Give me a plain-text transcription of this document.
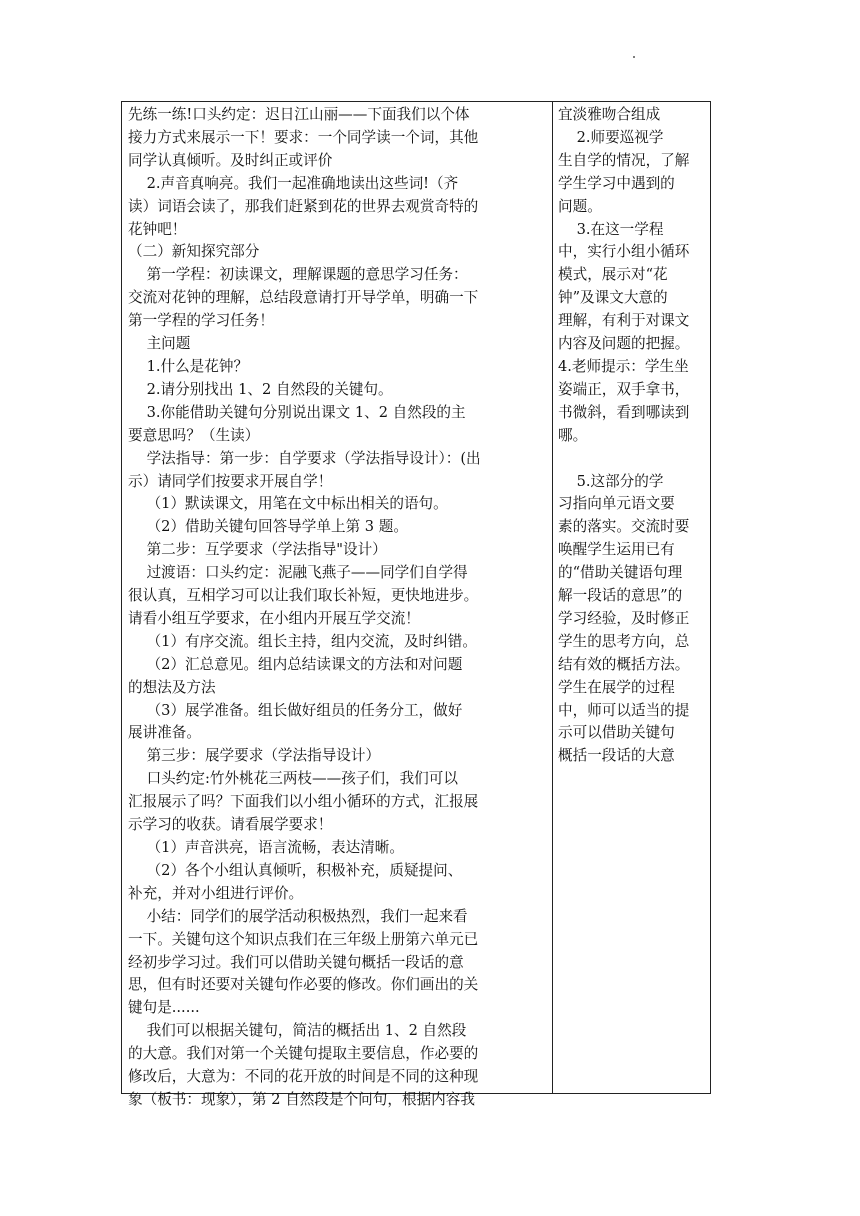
先练一练!口头约定：迟日江山丽——下面我们以个体
接力方式来展示一下！要求：一个同学读一个词，其他
同学认真倾听。及时纠正或评价
2.声音真响亮。我们一起准确地读出这些词!（齐
读）词语会读了，那我们赶紧到花的世界去观赏奇特的
花钟吧！
（二）新知探究部分
第一学程：初读课文，理解课题的意思学习任务：
交流对花钟的理解，总结段意请打开导学单，明确一下
第一学程的学习任务！
主问题
1.什么是花钟？
2.请分别找出 1、2 自然段的关键句。
3.你能借助关键句分别说出课文 1、2 自然段的主
要意思吗？（生读）
学法指导：第一步：自学要求（学法指导设计）：(出
示）请同学们按要求开展自学！
（1）默读课文，用笔在文中标出相关的语句。
（2）借助关键句回答导学单上第 3 题。
第二步：互学要求（学法指导"设计）
过渡语：口头约定：泥融飞燕子——同学们自学得
很认真，互相学习可以让我们取长补短，更快地进步。
请看小组互学要求，在小组内开展互学交流！
（1）有序交流。组长主持，组内交流，及时纠错。
（2）汇总意见。组内总结读课文的方法和对问题
的想法及方法
（3）展学准备。组长做好组员的任务分工，做好
展讲准备。
第三步：展学要求（学法指导设计）
口头约定:竹外桃花三两枝——孩子们，我们可以
汇报展示了吗？下面我们以小组小循环的方式，汇报展
示学习的收获。请看展学要求！
（1）声音洪亮，语言流畅，表达清晰。
（2）各个小组认真倾听，积极补充，质疑提问、
补充，并对小组进行评价。
小结：同学们的展学活动积极热烈，我们一起来看
一下。关键句这个知识点我们在三年级上册第六单元已
经初步学习过。我们可以借助关键句概括一段话的意
思，但有时还要对关键句作必要的修改。你们画出的关
键句是......
我们可以根据关键句，简洁的概括出 1、2 自然段
的大意。我们对第一个关键句提取主要信息，作必要的
修改后，大意为：不同的花开放的时间是不同的这种现
象（板书：现象），第 2 自然段是个问句，根据内容我
宜淡雅吻合组成
2.师要巡视学
生自学的情况，了解
学生学习中遇到的
问题。
3.在这一学程
中，实行小组小循环
模式，展示对“花
钟”及课文大意的
理解，有利于对课文
内容及问题的把握。
4.老师提示：学生坐
姿端正，双手拿书，
书微斜，看到哪读到
哪。

5.这部分的学
习指向单元语文要
素的落实。交流时要
唤醒学生运用已有
的“借助关键语句理
解一段话的意思”的
学习经验，及时修正
学生的思考方向，总
结有效的概括方法。
学生在展学的过程
中，师可以适当的提
示可以借助关键句
概括一段话的大意
